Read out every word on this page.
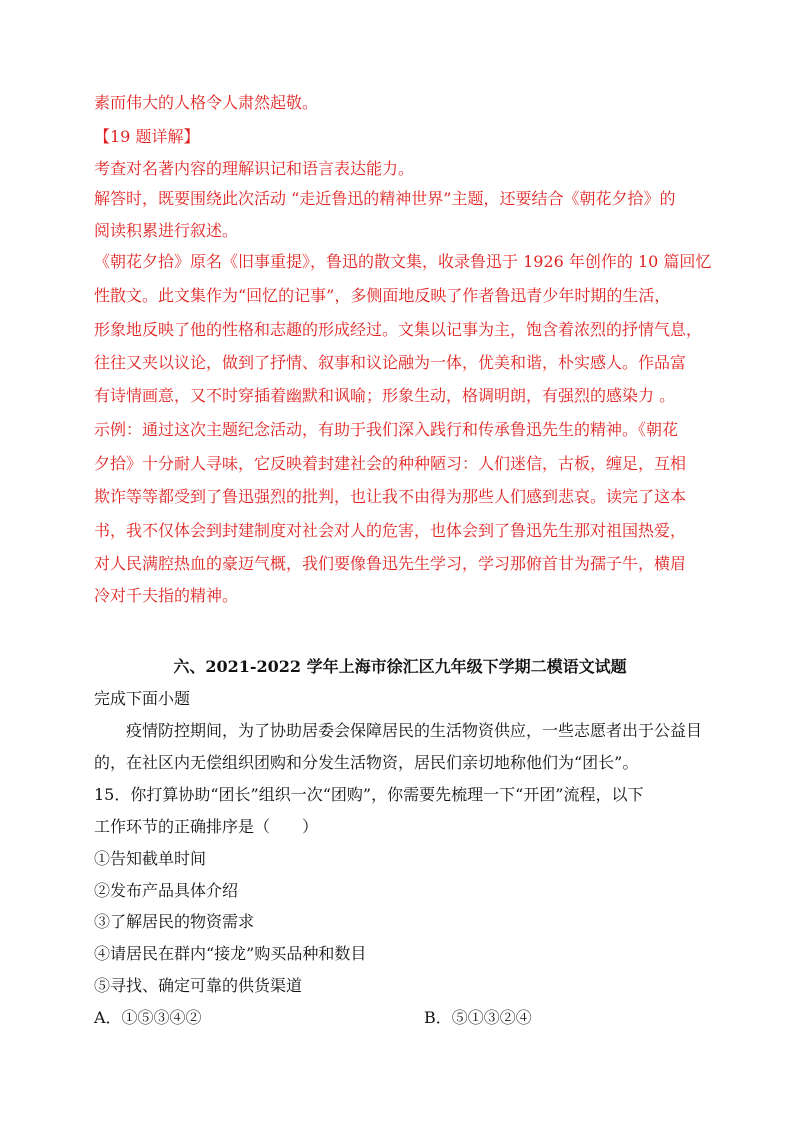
素而伟大的人格令人肃然起敬。
【19 题详解】
考查对名著内容的理解识记和语言表达能力。
解答时，既要围绕此次活动 “走近鲁迅的精神世界”主题，还要结合《朝花夕拾》的
阅读积累进行叙述。
《朝花夕拾》原名《旧事重提》，鲁迅的散文集，收录鲁迅于 1926 年创作的 10 篇回忆
性散文。此文集作为“回忆的记事”，多侧面地反映了作者鲁迅青少年时期的生活，
形象地反映了他的性格和志趣的形成经过。文集以记事为主，饱含着浓烈的抒情气息，
往往又夹以议论，做到了抒情、叙事和议论融为一体，优美和谐，朴实感人。作品富
有诗情画意，又不时穿插着幽默和讽喻；形象生动，格调明朗，有强烈的感染力 。
示例：通过这次主题纪念活动，有助于我们深入践行和传承鲁迅先生的精神。《朝花
夕拾》十分耐人寻味，它反映着封建社会的种种陋习：人们迷信，古板，缠足，互相
欺诈等等都受到了鲁迅强烈的批判，也让我不由得为那些人们感到悲哀。读完了这本
书，我不仅体会到封建制度对社会对人的危害，也体会到了鲁迅先生那对祖国热爱，
对人民满腔热血的豪迈气概，我们要像鲁迅先生学习，学习那俯首甘为孺子牛，横眉
冷对千夫指的精神。
六、2021-2022 学年上海市徐汇区九年级下学期二模语文试题
完成下面小题
疫情防控期间，为了协助居委会保障居民的生活物资供应，一些志愿者出于公益目
的，在社区内无偿组织团购和分发生活物资，居民们亲切地称他们为“团长”。
15．你打算协助“团长”组织一次“团购”，你需要先梳理一下“开团”流程，以下
工作环节的正确排序是（　　）
①告知截单时间
②发布产品具体介绍
③了解居民的物资需求
④请居民在群内“接龙”购买品种和数目
⑤寻找、确定可靠的供货渠道
A．①⑤③④②	B．⑤①③②④
